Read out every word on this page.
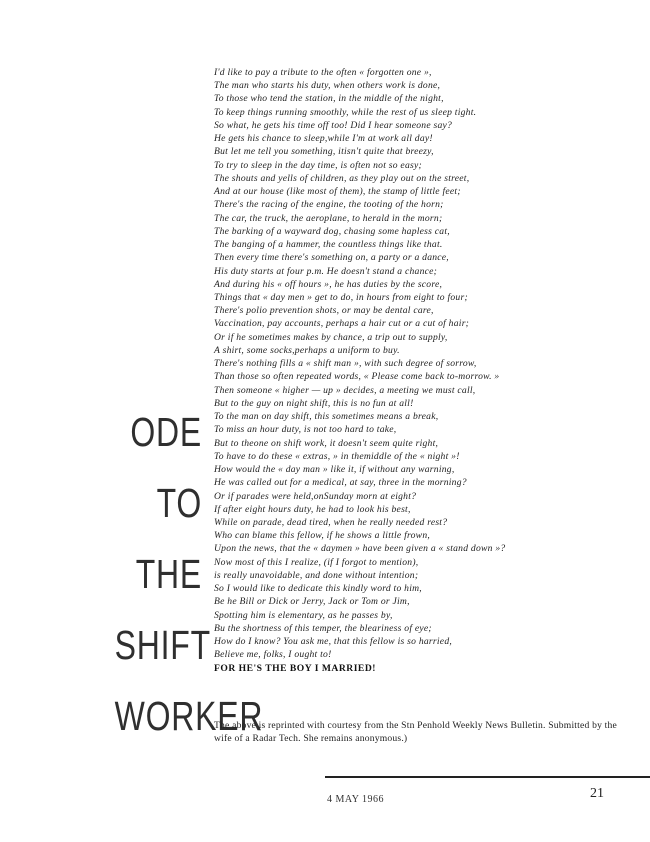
ODE
TO
THE
SHIFT
WORKER
I'd like to pay a tribute to the often « forgotten one »,
The man who starts his duty, when others work is done,
To those who tend the station, in the middle of the night,
To keep things running smoothly, while the rest of us sleep tight.
So what, he gets his time off too! Did I hear someone say?
He gets his chance to sleep,while I'm at work all day!
But let me tell you something, itisn't quite that breezy,
To try to sleep in the day time, is often not so easy;
The shouts and yells of children, as they play out on the street,
And at our house (like most of them), the stamp of little feet;
There's the racing of the engine, the tooting of the horn;
The car, the truck, the aeroplane, to herald in the morn;
The barking of a wayward dog, chasing some hapless cat,
The banging of a hammer, the countless things like that.
Then every time there's something on, a party or a dance,
His duty starts at four p.m. He doesn't stand a chance;
And during his « off hours », he has duties by the score,
Things that « day men » get to do, in hours from eight to four;
There's polio prevention shots, or may be dental care,
Vaccination, pay accounts, perhaps a hair cut or a cut of hair;
Or if he sometimes makes by chance, a trip out to supply,
A shirt, some socks,perhaps a uniform to buy.
There's nothing fills a « shift man », with such degree of sorrow,
Than those so often repeated words, « Please come back to-morrow. »
Then someone « higher — up » decides, a meeting we must call,
But to the guy on night shift, this is no fun at all!
To the man on day shift, this sometimes means a break,
To miss an hour duty, is not too hard to take,
But to theone on shift work, it doesn't seem quite right,
To have to do these « extras, » in themiddle of the « night »!
How would the « day man » like it, if without any warning,
He was called out for a medical, at say, three in the morning?
Or if parades were held,onSunday morn at eight?
If after eight hours duty, he had to look his best,
While on parade, dead tired, when he really needed rest?
Who can blame this fellow, if he shows a little frown,
Upon the news, that the « daymen » have been given a « stand down »?
Now most of this I realize, (if I forgot to mention),
is really unavoidable, and done without intention;
So I would like to dedicate this kindly word to him,
Be he Bill or Dick or Jerry, Jack or Tom or Jim,
Spotting him is elementary, as he passes by,
Bu the shortness of this temper, the bleariness of eye;
How do I know? You ask me, that this fellow is so harried,
Believe me, folks, I ought to!
FOR HE'S THE BOY I MARRIED!
The above is reprinted with courtesy from the Stn Penhold Weekly News Bulletin. Submitted by the wife of a Radar Tech. She remains anonymous.)
4 MAY 1966	21
